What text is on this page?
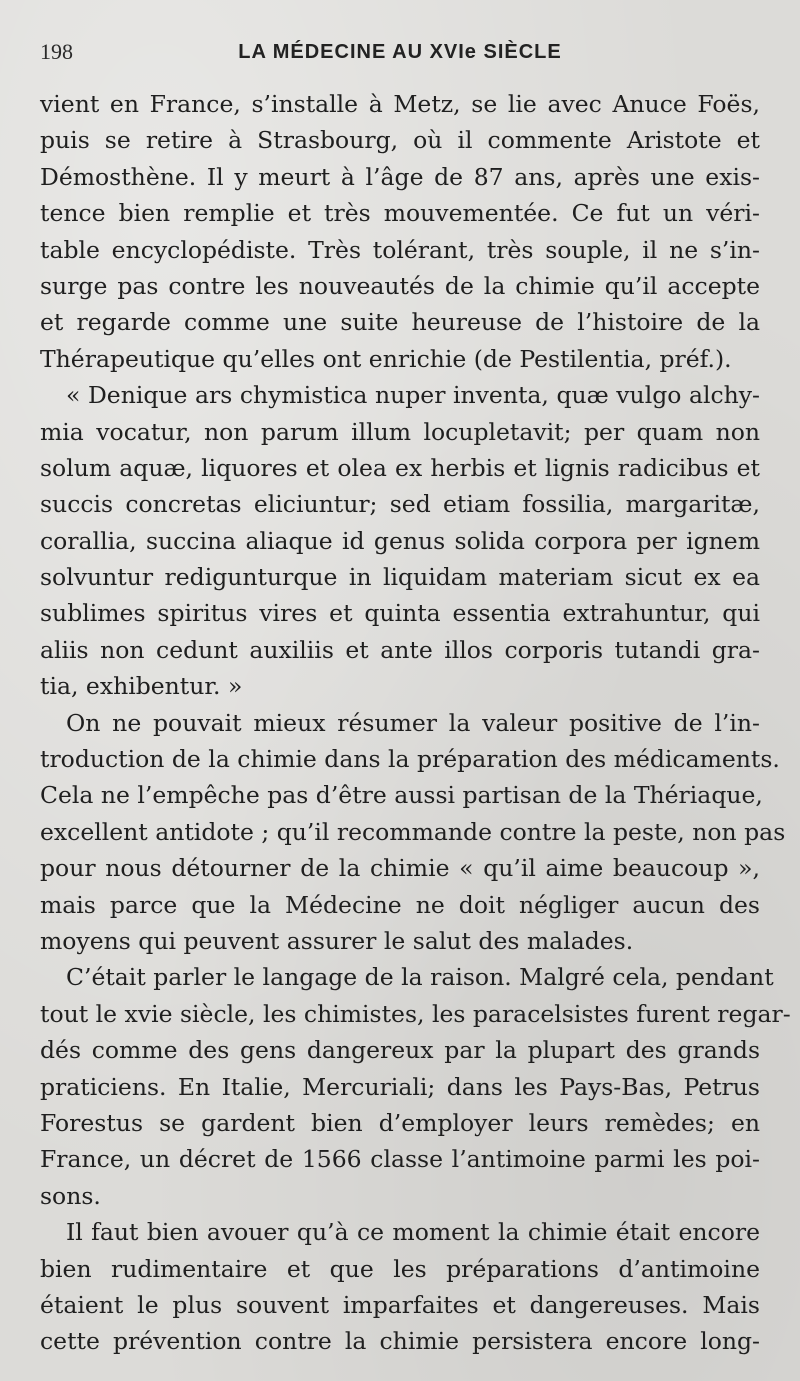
198	LA MÉDECINE AU XVIe SIÈCLE
vient en France, s’installe à Metz, se lie avec Anuce Foës,
puis se retire à Strasbourg, où il commente Aristote et
Démosthène. Il y meurt à l’âge de 87 ans, après une exis-
tence bien remplie et très mouvementée. Ce fut un véri-
table encyclopédiste. Très tolérant, très souple, il ne s’in-
surge pas contre les nouveautés de la chimie qu’il accepte
et regarde comme une suite heureuse de l’histoire de la
Thérapeutique qu’elles ont enrichie (de Pestilentia, préf.).
« Denique ars chymistica nuper inventa, quæ vulgo alchy-
mia vocatur, non parum illum locupletavit; per quam non
solum aquæ, liquores et olea ex herbis et lignis radicibus et
succis concretas eliciuntur; sed etiam fossilia, margaritæ,
corallia, succina aliaque id genus solida corpora per ignem
solvuntur redigunturque in liquidam materiam sicut ex ea
sublimes spiritus vires et quinta essentia extrahuntur, qui
aliis non cedunt auxiliis et ante illos corporis tutandi gra-
tia, exhibentur. »
On ne pouvait mieux résumer la valeur positive de l’in-
troduction de la chimie dans la préparation des médicaments.
Cela ne l’empêche pas d’être aussi partisan de la Thériaque,
excellent antidote ; qu’il recommande contre la peste, non pas
pour nous détourner de la chimie « qu’il aime beaucoup »,
mais parce que la Médecine ne doit négliger aucun des
moyens qui peuvent assurer le salut des malades.
C’était parler le langage de la raison. Malgré cela, pendant
tout le xvie siècle, les chimistes, les paracelsistes furent regar-
dés comme des gens dangereux par la plupart des grands
praticiens. En Italie, Mercuriali; dans les Pays-Bas, Petrus
Forestus se gardent bien d’employer leurs remèdes; en
France, un décret de 1566 classe l’antimoine parmi les poi-
sons.
Il faut bien avouer qu’à ce moment la chimie était encore
bien rudimentaire et que les préparations d’antimoine
étaient le plus souvent imparfaites et dangereuses. Mais
cette prévention contre la chimie persistera encore long-
